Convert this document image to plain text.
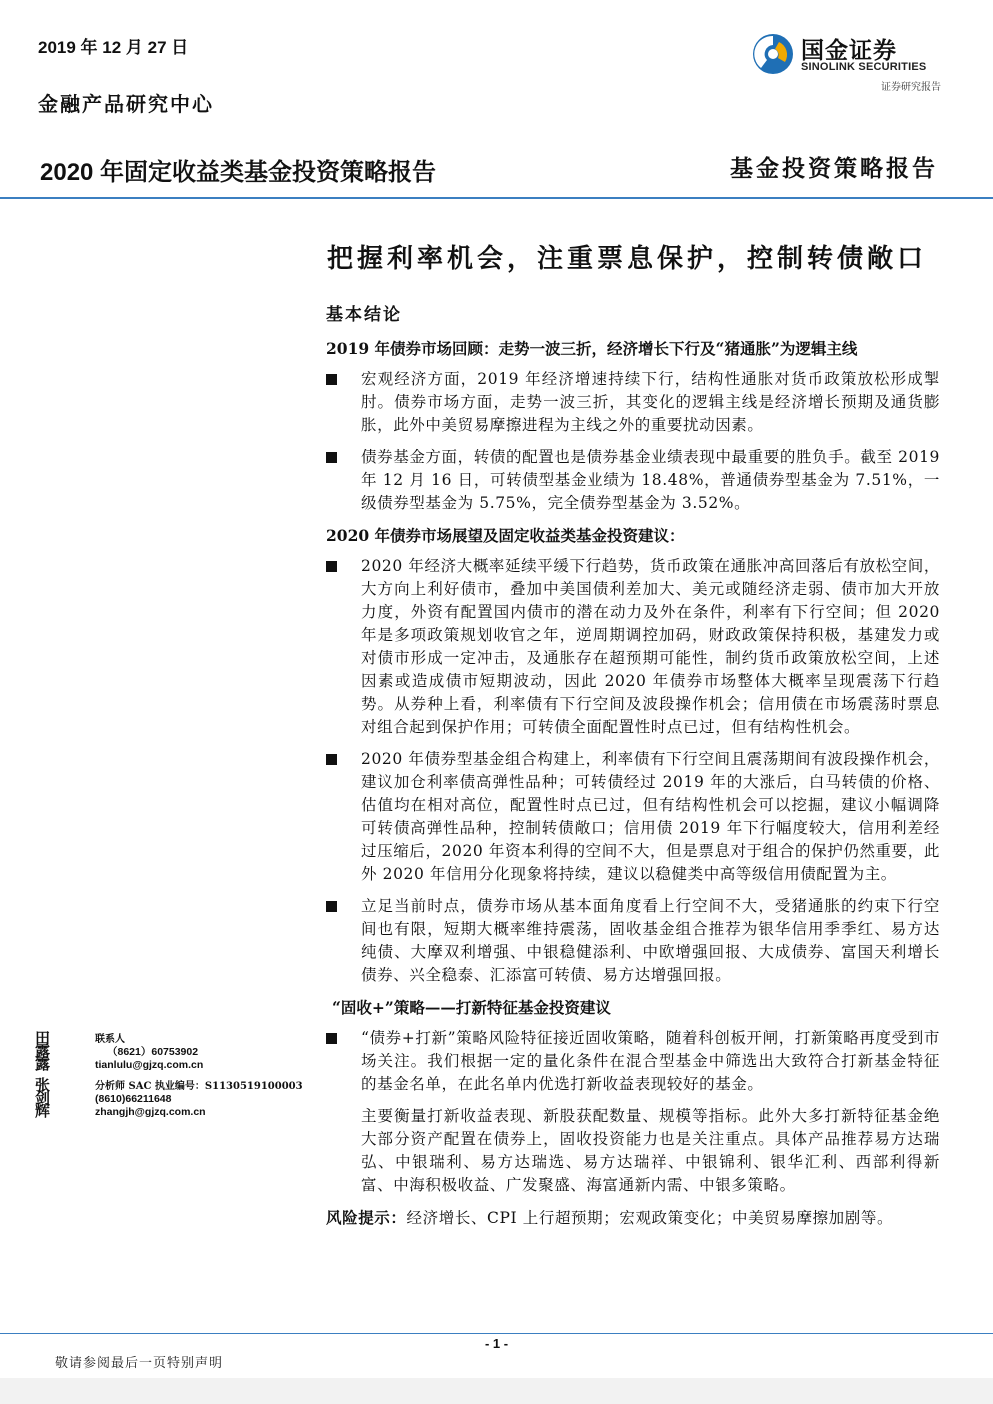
2019 年 12 月 27 日
金融产品研究中心
国金证券
SINOLINK SECURITIES
证券研究报告
2020 年固定收益类基金投资策略报告	基金投资策略报告
把握利率机会，注重票息保护，控制转债敞口
基本结论
2019 年债券市场回顾：走势一波三折，经济增长下行及“猪通胀”为逻辑主线
宏观经济方面，2019 年经济增速持续下行，结构性通胀对货币政策放松形成掣肘。债券市场方面，走势一波三折，其变化的逻辑主线是经济增长预期及通货膨胀，此外中美贸易摩擦进程为主线之外的重要扰动因素。
债券基金方面，转债的配置也是债券基金业绩表现中最重要的胜负手。截至 2019 年 12 月 16 日，可转债型基金业绩为 18.48%，普通债券型基金为 7.51%，一级债券型基金为 5.75%，完全债券型基金为 3.52%。
2020 年债券市场展望及固定收益类基金投资建议：
2020 年经济大概率延续平缓下行趋势，货币政策在通胀冲高回落后有放松空间，大方向上利好债市，叠加中美国债利差加大、美元或随经济走弱、债市加大开放力度，外资有配置国内债市的潜在动力及外在条件，利率有下行空间；但 2020 年是多项政策规划收官之年，逆周期调控加码，财政政策保持积极，基建发力或对债市形成一定冲击，及通胀存在超预期可能性，制约货币政策放松空间，上述因素或造成债市短期波动，因此 2020 年债券市场整体大概率呈现震荡下行趋势。从券种上看，利率债有下行空间及波段操作机会；信用债在市场震荡时票息对组合起到保护作用；可转债全面配置性时点已过，但有结构性机会。
2020 年债券型基金组合构建上，利率债有下行空间且震荡期间有波段操作机会，建议加仓利率债高弹性品种；可转债经过 2019 年的大涨后，白马转债的价格、估值均在相对高位，配置性时点已过，但有结构性机会可以挖掘，建议小幅调降可转债高弹性品种，控制转债敞口；信用债 2019 年下行幅度较大，信用利差经过压缩后，2020 年资本利得的空间不大，但是票息对于组合的保护仍然重要，此外 2020 年信用分化现象将持续，建议以稳健类中高等级信用债配置为主。
立足当前时点，债券市场从基本面角度看上行空间不大，受猪通胀的约束下行空间也有限，短期大概率维持震荡，固收基金组合推荐为银华信用季季红、易方达纯债、大摩双利增强、中银稳健添利、中欧增强回报、大成债券、富国天利增长债券、兴全稳泰、汇添富可转债、易方达增强回报。
“固收+”策略——打新特征基金投资建议
“债券+打新”策略风险特征接近固收策略，随着科创板开闸，打新策略再度受到市场关注。我们根据一定的量化条件在混合型基金中筛选出大致符合打新基金特征的基金名单，在此名单内优选打新收益表现较好的基金。
主要衡量打新收益表现、新股获配数量、规模等指标。此外大多打新特征基金绝大部分资产配置在债券上，固收投资能力也是关注重点。具体产品推荐易方达瑞弘、中银瑞利、易方达瑞选、易方达瑞祥、中银锦利、银华汇利、西部利得新富、中海积极收益、广发聚盛、海富通新内需、中银多策略。
风险提示：经济增长、CPI 上行超预期；宏观政策变化；中美贸易摩擦加剧等。
田露露
联系人
（8621）60753902
tianlulu@gjzq.com.cn
张剑辉
分析师 SAC 执业编号：S1130519100003
(8610)66211648
zhangjh@gjzq.com.cn
- 1 -
敬请参阅最后一页特别声明
